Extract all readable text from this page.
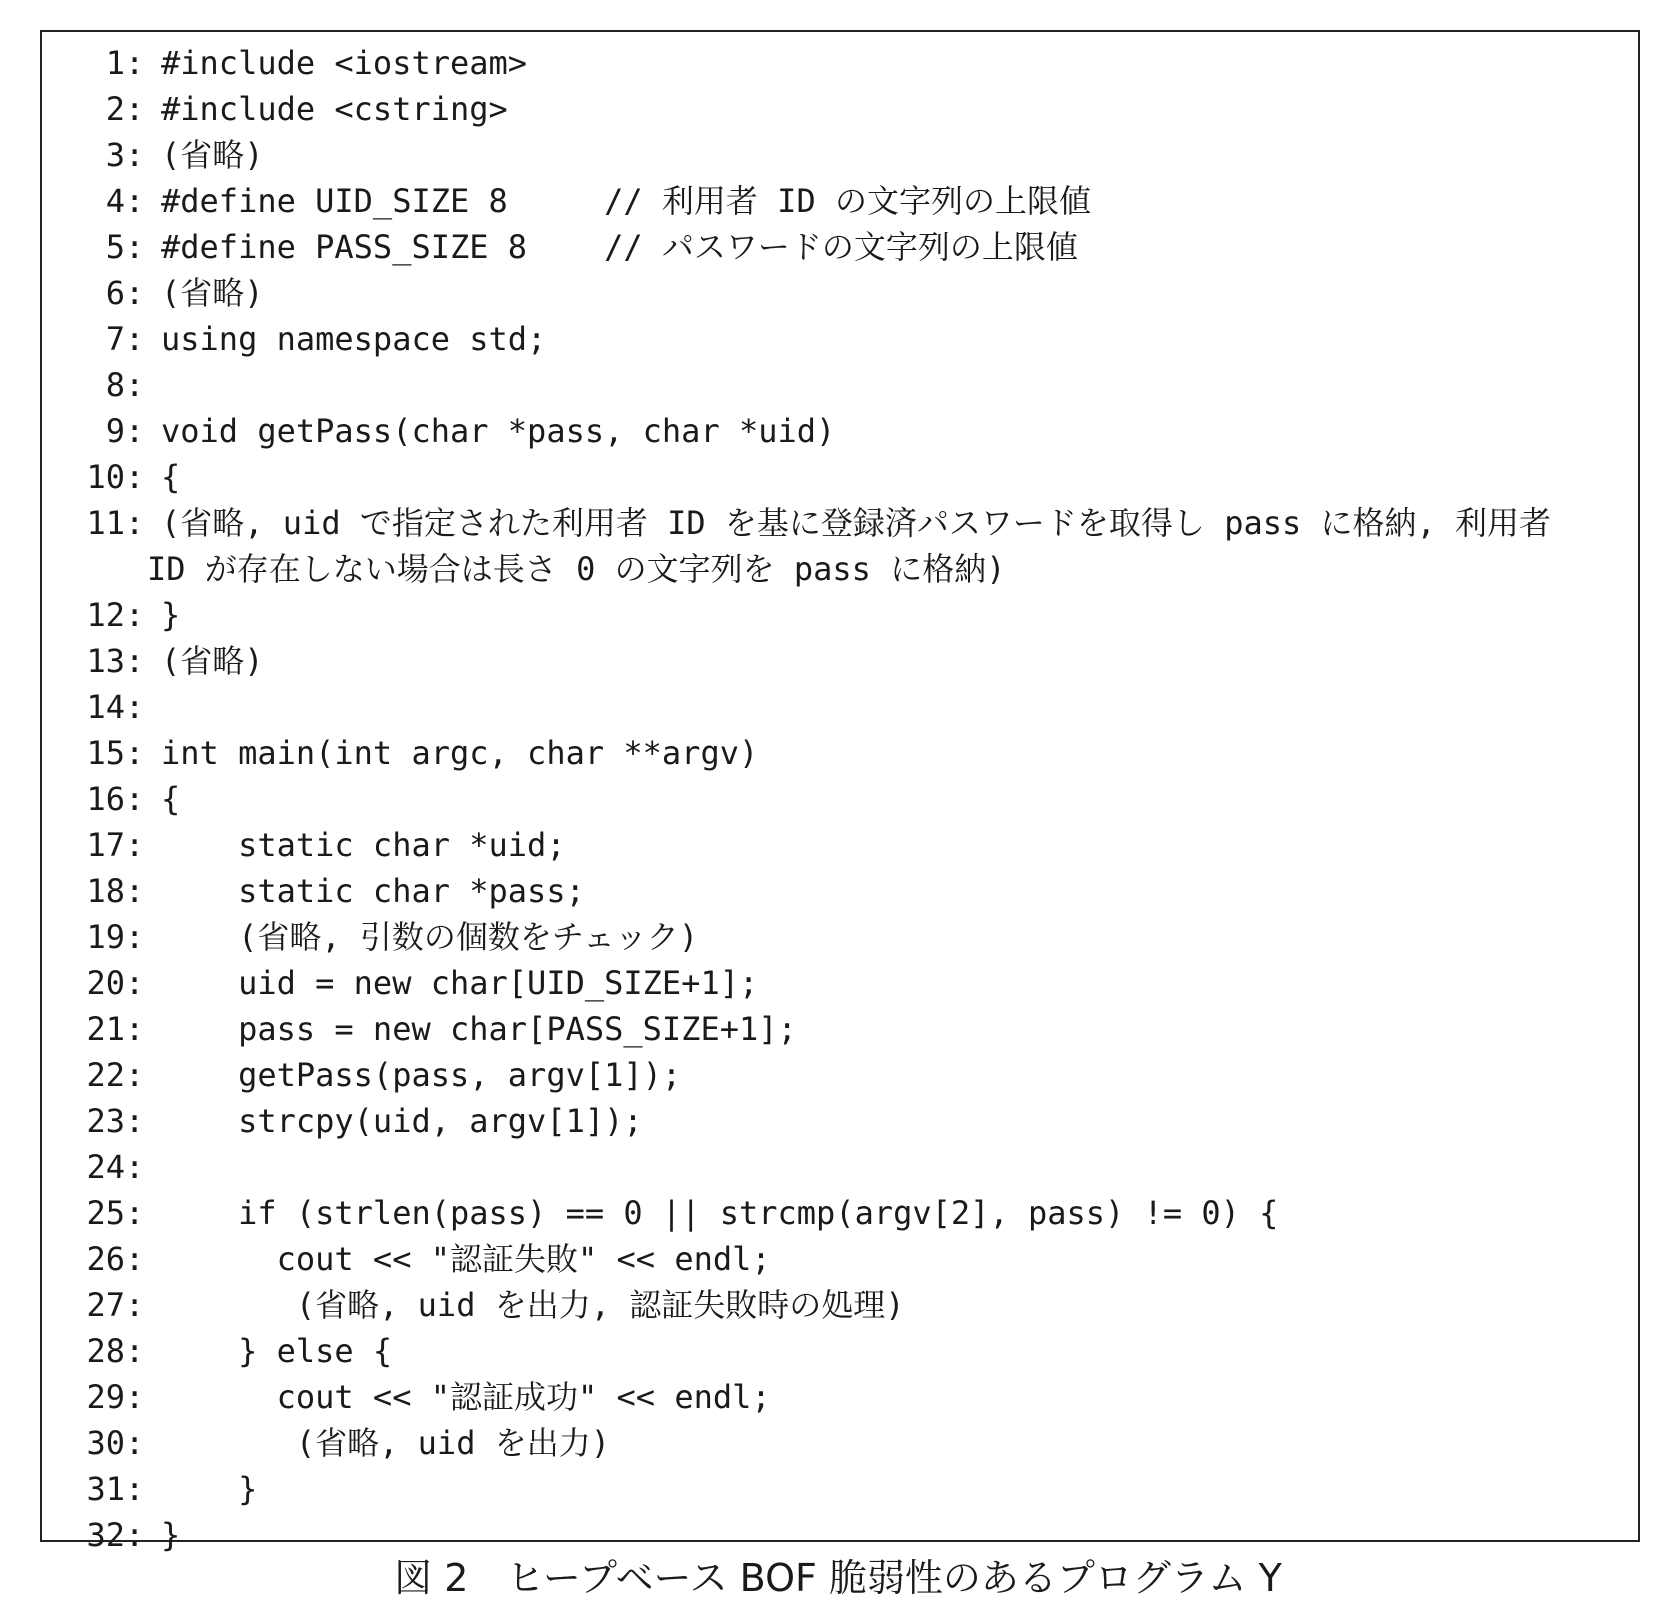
1 : #include <iostream>
2 : #include <cstring>
3 : (省略)
4 : #define UID_SIZE 8     // 利用者 ID の文字列の上限値
5 : #define PASS_SIZE 8    // パスワードの文字列の上限値
6 : (省略)
7 : using namespace std;
8 :
9 : void getPass(char *pass, char *uid)
10 : {
11 : (省略, uid で指定された利用者 ID を基に登録済パスワードを取得し pass に格納, 利用者
ID が存在しない場合は長さ 0 の文字列を pass に格納)
12 : }
13 : (省略)
14 :
15 : int main(int argc, char **argv)
16 : {
17 : static char *uid;
18 : static char *pass;
19 : (省略, 引数の個数をチェック)
20 : uid = new char[UID_SIZE+1];
21 : pass = new char[PASS_SIZE+1];
22 : getPass(pass, argv[1]);
23 : strcpy(uid, argv[1]);
24 :
25 : if (strlen(pass) == 0 || strcmp(argv[2], pass) != 0) {
26 : cout << "認証失敗" << endl;
27 : (省略, uid を出力, 認証失敗時の処理)
28 : } else {
29 : cout << "認証成功" << endl;
30 : (省略, uid を出力)
31 : }
32 : }
図 2　ヒープベース BOF 脆弱性のあるプログラム Y
